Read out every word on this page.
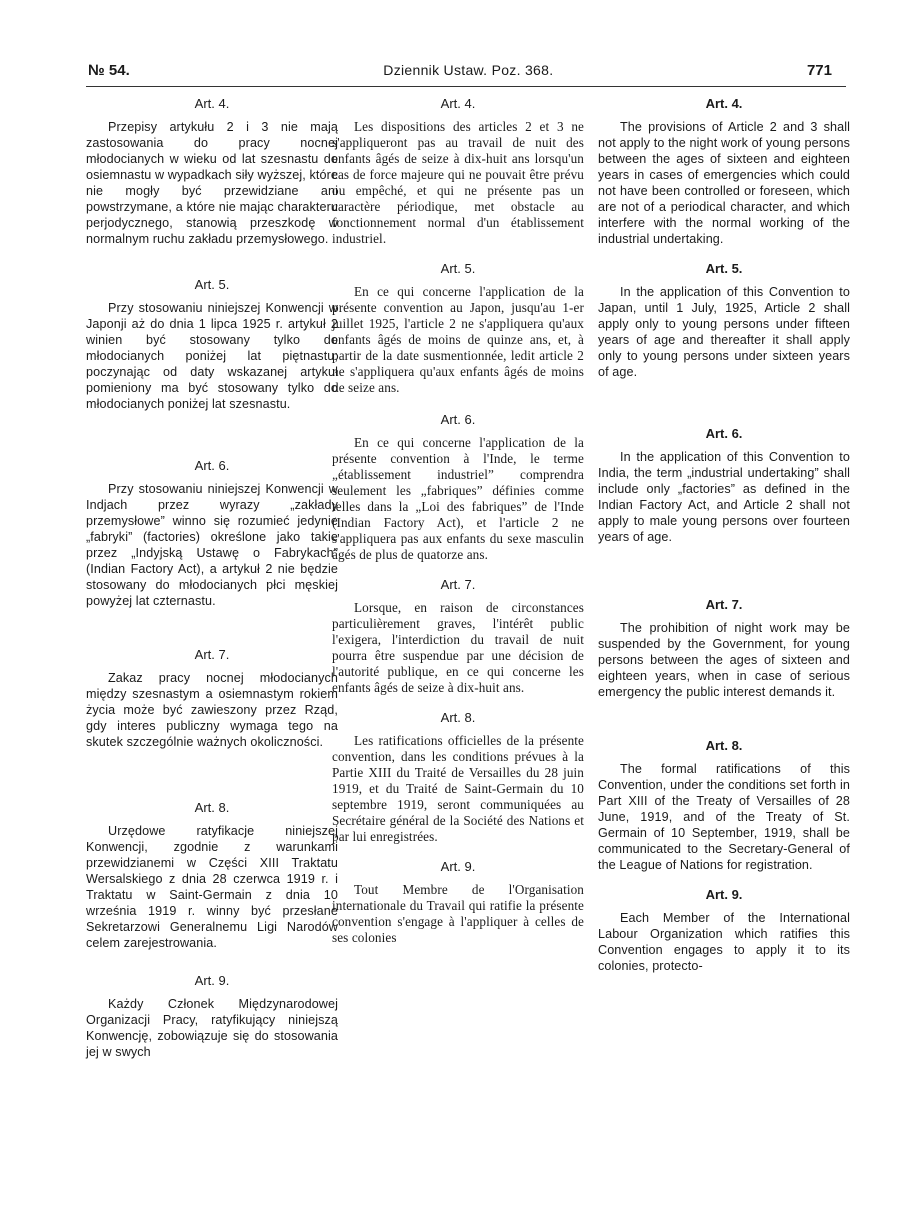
№ 54.	Dziennik Ustaw. Poz. 368.	771

Art. 4.

Przepisy artykułu 2 i 3 nie mają zastosowania do pracy nocnej młodocianych w wieku od lat szesnastu do osiemnastu w wypadkach siły wyższej, które nie mogły być przewidziane ani powstrzymane, a które nie mając charakteru perjodycznego, stanowią przeszkodę w normalnym ruchu zakładu przemysłowego.

Art. 5.

Przy stosowaniu niniejszej Konwencji w Japonji aż do dnia 1 lipca 1925 r. artykuł 2 winien być stosowany tylko do młodocianych poniżej lat piętnastu; poczynając od daty wskazanej artykuł pomieniony ma być stosowany tylko do młodocianych poniżej lat szesnastu.

Art. 6.

Przy stosowaniu niniejszej Konwencji w Indjach przez wyrazy „zakłady przemysłowe” winno się rozumieć jedynie „fabryki” (factories) określone jako takie przez „Indyjską Ustawę o Fabrykach” (Indian Factory Act), a artykuł 2 nie będzie stosowany do młodocianych płci męskiej powyżej lat czternastu.

Art. 7.

Zakaz pracy nocnej młodocianych między szesnastym a osiemnastym rokiem życia może być zawieszony przez Rząd, gdy interes publiczny wymaga tego na skutek szczególnie ważnych okoliczności.

Art. 8.

Urzędowe ratyfikacje niniejszej Konwencji, zgodnie z warunkami przewidzianemi w Części XIII Traktatu Wersalskiego z dnia 28 czerwca 1919 r. i Traktatu w Saint-Germain z dnia 10 września 1919 r. winny być przesłane Sekretarzowi Generalnemu Ligi Narodów celem zarejestrowania.

Art. 9.

Każdy Członek Międzynarodowej Organizacji Pracy, ratyfikujący niniejszą Konwencję, zobowiązuje się do stosowania jej w swych

Art. 4.

Les dispositions des articles 2 et 3 ne s'appliqueront pas au travail de nuit des enfants âgés de seize à dix-huit ans lorsqu'un cas de force majeure qui ne pouvait être prévu ou empêché, et qui ne présente pas un caractère périodique, met obstacle au fonctionnement normal d'un établissement industriel.

Art. 5.

En ce qui concerne l'application de la présente convention au Japon, jusqu'au 1-er juillet 1925, l'article 2 ne s'appliquera qu'aux enfants âgés de moins de quinze ans, et, à partir de la date susmentionnée, ledit article 2 ne s'appliquera qu'aux enfants âgés de moins de seize ans.

Art. 6.

En ce qui concerne l'application de la présente convention à l'Inde, le terme „établissement industriel” comprendra seulement les „fabriques” définies comme telles dans la „Loi des fabriques” de l'Inde (Indian Factory Act), et l'article 2 ne s'appliquera pas aux enfants du sexe masculin âgés de plus de quatorze ans.

Art. 7.

Lorsque, en raison de circonstances particulièrement graves, l'intérêt public l'exigera, l'interdiction du travail de nuit pourra être suspendue par une décision de l'autorité publique, en ce qui concerne les enfants âgés de seize à dix-huit ans.

Art. 8.

Les ratifications officielles de la présente convention, dans les conditions prévues à la Partie XIII du Traité de Versailles du 28 juin 1919, et du Traité de Saint-Germain du 10 septembre 1919, seront communiquées au Secrétaire général de la Société des Nations et par lui enregistrées.

Art. 9.

Tout Membre de l'Organisation internationale du Travail qui ratifie la présente convention s'engage à l'appliquer à celles de ses colonies

Art. 4.

The provisions of Article 2 and 3 shall not apply to the night work of young persons between the ages of sixteen and eighteen years in cases of emergencies which could not have been controlled or foreseen, which are not of a periodical character, and which interfere with the normal working of the industrial undertaking.

Art. 5.

In the application of this Convention to Japan, until 1 July, 1925, Article 2 shall apply only to young persons under fifteen years of age and thereafter it shall apply only to young persons under sixteen years of age.

Art. 6.

In the application of this Convention to India, the term „industrial undertaking” shall include only „factories” as defined in the Indian Factory Act, and Article 2 shall not apply to male young persons over fourteen years of age.

Art. 7.

The prohibition of night work may be suspended by the Government, for young persons between the ages of sixteen and eighteen years, when in case of serious emergency the public interest demands it.

Art. 8.

The formal ratifications of this Convention, under the conditions set forth in Part XIII of the Treaty of Versailles of 28 June, 1919, and of the Treaty of St. Germain of 10 September, 1919, shall be communicated to the Secretary-General of the League of Nations for registration.

Art. 9.

Each Member of the International Labour Organization which ratifies this Convention engages to apply it to its colonies, protecto-
